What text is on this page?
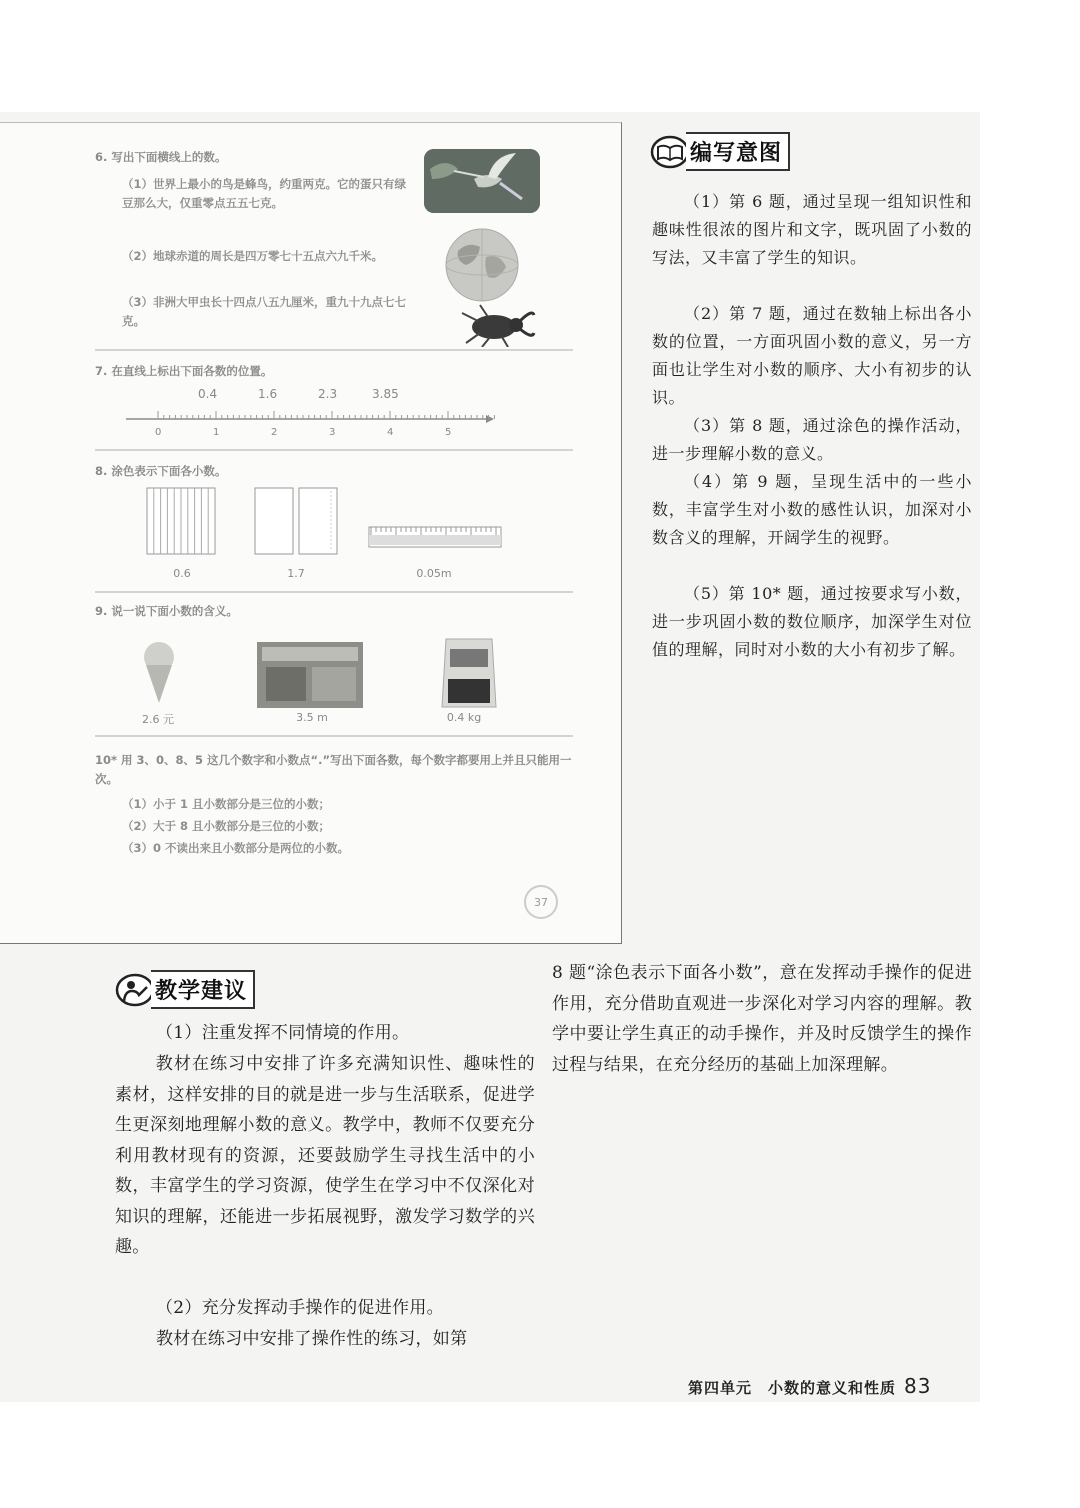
6. 写出下面横线上的数。
（1）世界上最小的鸟是蜂鸟，约重两克。它的蛋只有绿豆那么大，仅重零点五五七克。
（2）地球赤道的周长是四万零七十五点六九千米。
（3）非洲大甲虫长十四点八五九厘米，重九十九点七七克。
7. 在直线上标出下面各数的位置。
0.4	1.6	2.3	3.85
0	1	2	3	4	5
8. 涂色表示下面各小数。
0.6	1.7	0.05m
9. 说一说下面小数的含义。
2.6 元	3.5 m	0.4 kg
10* 用 3、0、8、5 这几个数字和小数点“.”写出下面各数，每个数字都要用上并且只能用一次。
（1）小于 1 且小数部分是三位的小数；
（2）大于 8 且小数部分是三位的小数；
（3）0 不读出来且小数部分是两位的小数。
37
编写意图
（1）第 6 题，通过呈现一组知识性和趣味性很浓的图片和文字，既巩固了小数的写法，又丰富了学生的知识。
（2）第 7 题，通过在数轴上标出各小数的位置，一方面巩固小数的意义，另一方面也让学生对小数的顺序、大小有初步的认识。
（3）第 8 题，通过涂色的操作活动，进一步理解小数的意义。
（4）第 9 题，呈现生活中的一些小数，丰富学生对小数的感性认识，加深对小数含义的理解，开阔学生的视野。
（5）第 10* 题，通过按要求写小数，进一步巩固小数的数位顺序，加深学生对位值的理解，同时对小数的大小有初步了解。
教学建议
（1）注重发挥不同情境的作用。
教材在练习中安排了许多充满知识性、趣味性的素材，这样安排的目的就是进一步与生活联系，促进学生更深刻地理解小数的意义。教学中，教师不仅要充分利用教材现有的资源，还要鼓励学生寻找生活中的小数，丰富学生的学习资源，使学生在学习中不仅深化对知识的理解，还能进一步拓展视野，激发学习数学的兴趣。
（2）充分发挥动手操作的促进作用。
教材在练习中安排了操作性的练习，如第
8 题“涂色表示下面各小数”，意在发挥动手操作的促进作用，充分借助直观进一步深化对学习内容的理解。教学中要让学生真正的动手操作，并及时反馈学生的操作过程与结果，在充分经历的基础上加深理解。
第四单元　小数的意义和性质 83
